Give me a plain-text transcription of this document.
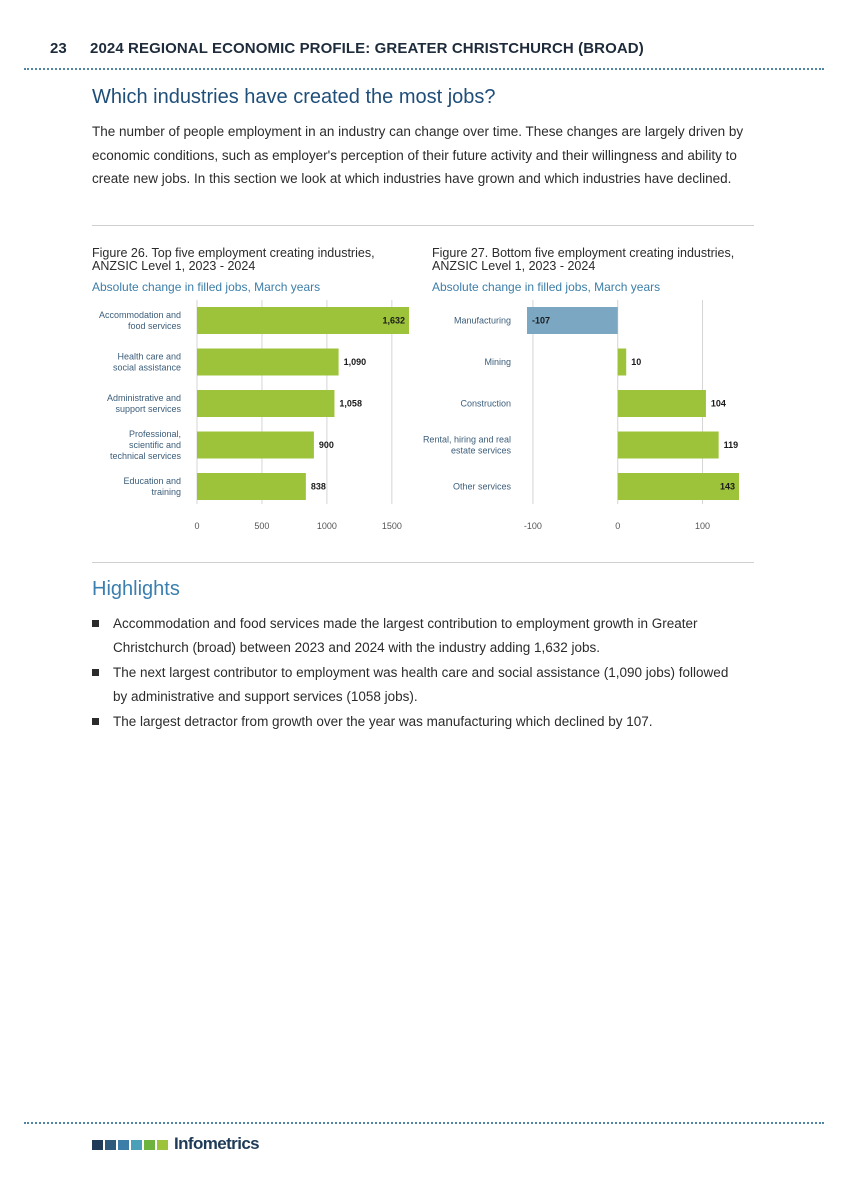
23 2024 REGIONAL ECONOMIC PROFILE: GREATER CHRISTCHURCH (BROAD)
Which industries have created the most jobs?

The number of people employment in an industry can change over time. These changes are largely driven by economic conditions, such as employer's perception of their future activity and their willingness and ability to create new jobs. In this section we look at which industries have grown and which industries have declined.

Figure 26. Top five employment creating industries, ANZSIC Level 1, 2023 - 2024

Absolute change in filled jobs, March years

0	500	1000	1500
1,632
Accommodation and
food services
1,090
Health care and
social assistance
1,058
Administrative and
support services
900
Professional,
scientific and
technical services
838
Education and
training

Figure 27. Bottom five employment creating industries, ANZSIC Level 1, 2023 - 2024

Absolute change in filled jobs, March years

-100	0	100
-107
Manufacturing
10
Mining
104
Construction
119
Rental, hiring and real
estate services
143
Other services
Highlights
Accommodation and food services made the largest contribution to employment growth in Greater Christchurch (broad) between 2023 and 2024 with the industry adding 1,632 jobs.
The next largest contributor to employment was health care and social assistance (1,090 jobs) followed by administrative and support services (1058 jobs).
The largest detractor from growth over the year was manufacturing which declined by 107.
Infometrics
